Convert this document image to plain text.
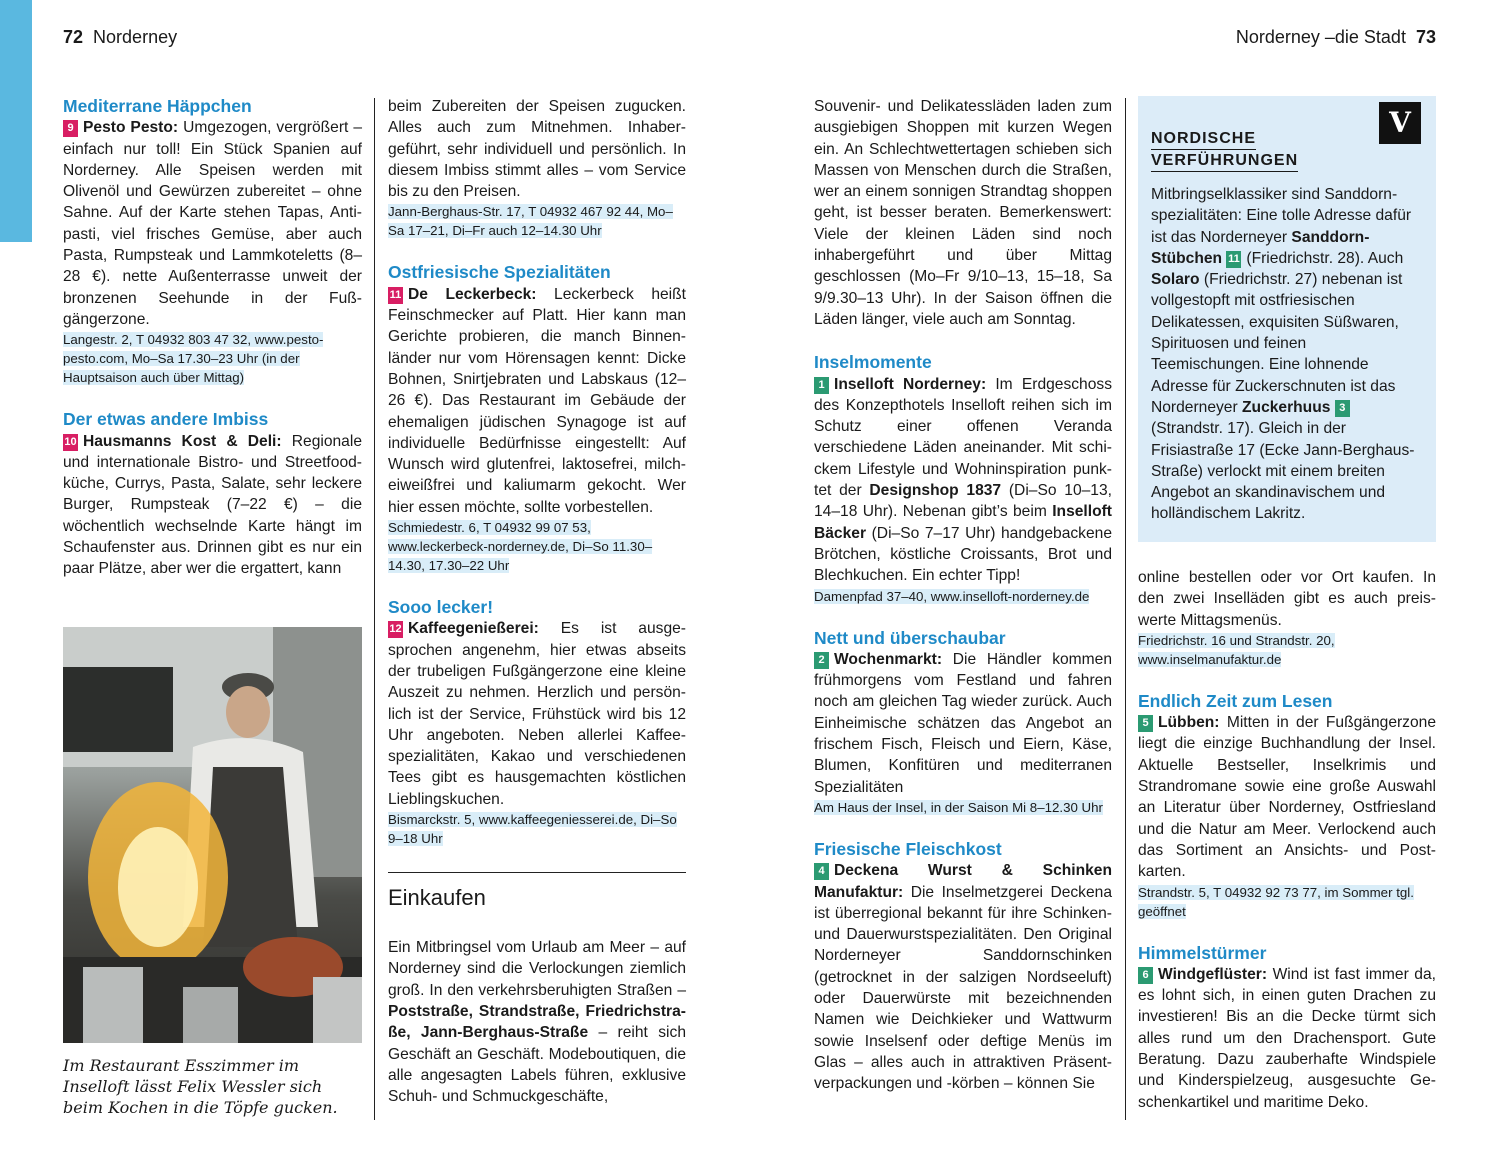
72 Norderney	Norderney –die Stadt 73
Mediterrane Häppchen

9 Pesto Pesto: Umgezogen, vergrößert – einfach nur toll! Ein Stück Spanien auf Norderney. Alle Speisen werden mit Olivenöl und Gewürzen zubereitet – ohne Sahne. Auf der Karte stehen Tapas, Antipasti, viel frisches Gemüse, aber auch Pasta, Rumpsteak und Lammkoteletts (8–28 €). nette Außenterrasse unweit der bronzenen Seehunde in der Fußgängerzone.

Langestr. 2, T 04932 803 47 32, www.pestopesto.com, Mo–Sa 17.30–23 Uhr (in der Hauptsaison auch über Mittag)

Der etwas andere Imbiss

10 Hausmanns Kost & Deli: Regionale und internationale Bistro- und Streetfoodküche, Currys, Pasta, Salate, sehr leckere Burger, Rumpsteak (7–22 €) – die wöchentlich wechselnde Karte hängt im Schaufenster aus. Drinnen gibt es nur ein paar Plätze, aber wer die ergattert, kann

Im Restaurant Esszimmer im Inselloft lässt Felix Wessler sich beim Kochen in die Töpfe gucken.

beim Zubereiten der Speisen zugucken. Alles auch zum Mitnehmen. Inhabergeführt, sehr individuell und persönlich. In diesem Imbiss stimmt alles – vom Service bis zu den Preisen.

Jann-Berghaus-Str. 17, T 04932 467 92 44, Mo–Sa 17–21, Di–Fr auch 12–14.30 Uhr

Ostfriesische Spezialitäten

11 De Leckerbeck: Leckerbeck heißt Feinschmecker auf Platt. Hier kann man Gerichte probieren, die manch Binnenländer nur vom Hörensagen kennt: Dicke Bohnen, Snirtjebraten und Labskaus (12–26 €). Das Restaurant im Gebäude der ehemaligen jüdischen Synagoge ist auf individuelle Bedürfnisse eingestellt: Auf Wunsch wird glutenfrei, laktosefrei, milch-eiweißfrei und kaliumarm gekocht. Wer hier essen möchte, sollte vorbestellen.

Schmiedestr. 6, T 04932 99 07 53, www.leckerbeck-norderney.de, Di–So 11.30–14.30, 17.30–22 Uhr

Sooo lecker!

12 Kaffeegenießerei: Es ist ausgesprochen angenehm, hier etwas abseits der trubeligen Fußgängerzone eine kleine Auszeit zu nehmen. Herzlich und persönlich ist der Service, Frühstück wird bis 12 Uhr angeboten. Neben allerlei Kaffeespezialitäten, Kakao und verschiedenen Tees gibt es hausgemachten köstlichen Lieblingskuchen.

Bismarckstr. 5, www.kaffeegeniesserei.de, Di–So 9–18 Uhr

Einkaufen

Ein Mitbringsel vom Urlaub am Meer – auf Norderney sind die Verlockungen ziemlich groß. In den verkehrsberuhigten Straßen – Poststraße, Strandstraße, Friedrichstraße, Jann-Berghaus-Straße – reiht sich Geschäft an Geschäft. Modeboutiquen, die alle angesagten Labels führen, exklusive Schuh- und Schmuckgeschäfte,

Souvenir- und Delikatessläden laden zum ausgiebigen Shoppen mit kurzen Wegen ein. An Schlechtwettertagen schieben sich Massen von Menschen durch die Straßen, wer an einem sonnigen Strandtag shoppen geht, ist besser beraten. Bemerkenswert: Viele der kleinen Läden sind noch inhabergeführt und über Mittag geschlossen (Mo–Fr 9/10–13, 15–18, Sa 9/9.30–13 Uhr). In der Saison öffnen die Läden länger, viele auch am Sonntag.

Inselmomente

1 Inselloft Norderney: Im Erdgeschoss des Konzepthotels Inselloft reihen sich im Schutz einer offenen Veranda verschiedene Läden aneinander. Mit schickem Lifestyle und Wohninspiration punktet der Designshop 1837 (Di–So 10–13, 14–18 Uhr). Nebenan gibt’s beim Inselloft Bäcker (Di–So 7–17 Uhr) handgebackene Brötchen, köstliche Croissants, Brot und Blechkuchen. Ein echter Tipp!

Damenpfad 37–40, www.inselloft-norderney.de

Nett und überschaubar

2 Wochenmarkt: Die Händler kommen frühmorgens vom Festland und fahren noch am gleichen Tag wieder zurück. Auch Einheimische schätzen das Angebot an frischem Fisch, Fleisch und Eiern, Käse, Blumen, Konfitüren und mediterranen Spezialitäten

Am Haus der Insel, in der Saison Mi 8–12.30 Uhr

Friesische Fleischkost

4 Deckena Wurst & Schinken Manufaktur: Die Inselmetzgerei Deckena ist überregional bekannt für ihre Schinken- und Dauerwurstspezialitäten. Den Original Norderneyer Sanddornschinken (getrocknet in der salzigen Nordseeluft) oder Dauerwürste mit bezeichnenden Namen wie Deichkieker und Wattwurm sowie Inselsenf oder deftige Menüs im Glas – alles auch in attraktiven Präsentverpackungen und -körben – können Sie

V
NORDISCHE
VERFÜHRUNGEN
Mitbringselklassiker sind Sanddornspezialitäten: Eine tolle Adresse dafür ist das Norderneyer Sanddorn-Stübchen 11 (Friedrichstr. 28). Auch Solaro (Friedrichstr. 27) nebenan ist vollgestopft mit ostfriesischen Delikatessen, exquisiten Süßwaren, Spirituosen und feinen Teemischungen. Eine lohnende Adresse für Zuckerschnuten ist das Norderneyer Zuckerhuus 3(Strandstr. 17). Gleich in der Frisiastraße 17 (Ecke Jann-Berghaus-Straße) verlockt mit einem breiten Angebot an skandinavischem und holländischem Lakritz.

online bestellen oder vor Ort kaufen. In den zwei Inselläden gibt es auch preiswerte Mittagsmenüs.

Friedrichstr. 16 und Strandstr. 20, www.inselmanufaktur.de

Endlich Zeit zum Lesen

5 Lübben: Mitten in der Fußgängerzone liegt die einzige Buchhandlung der Insel. Aktuelle Bestseller, Inselkrimis und Strandromane sowie eine große Auswahl an Literatur über Norderney, Ostfriesland und die Natur am Meer. Verlockend auch das Sortiment an Ansichts- und Postkarten.

Strandstr. 5, T 04932 92 73 77, im Sommer tgl. geöffnet

Himmelstürmer

6 Windgeflüster: Wind ist fast immer da, es lohnt sich, in einen guten Drachen zu investieren! Bis an die Decke türmt sich alles rund um den Drachensport. Gute Beratung. Dazu zauberhafte Windspiele und Kinderspielzeug, ausgesuchte Geschenkartikel und maritime Deko.
